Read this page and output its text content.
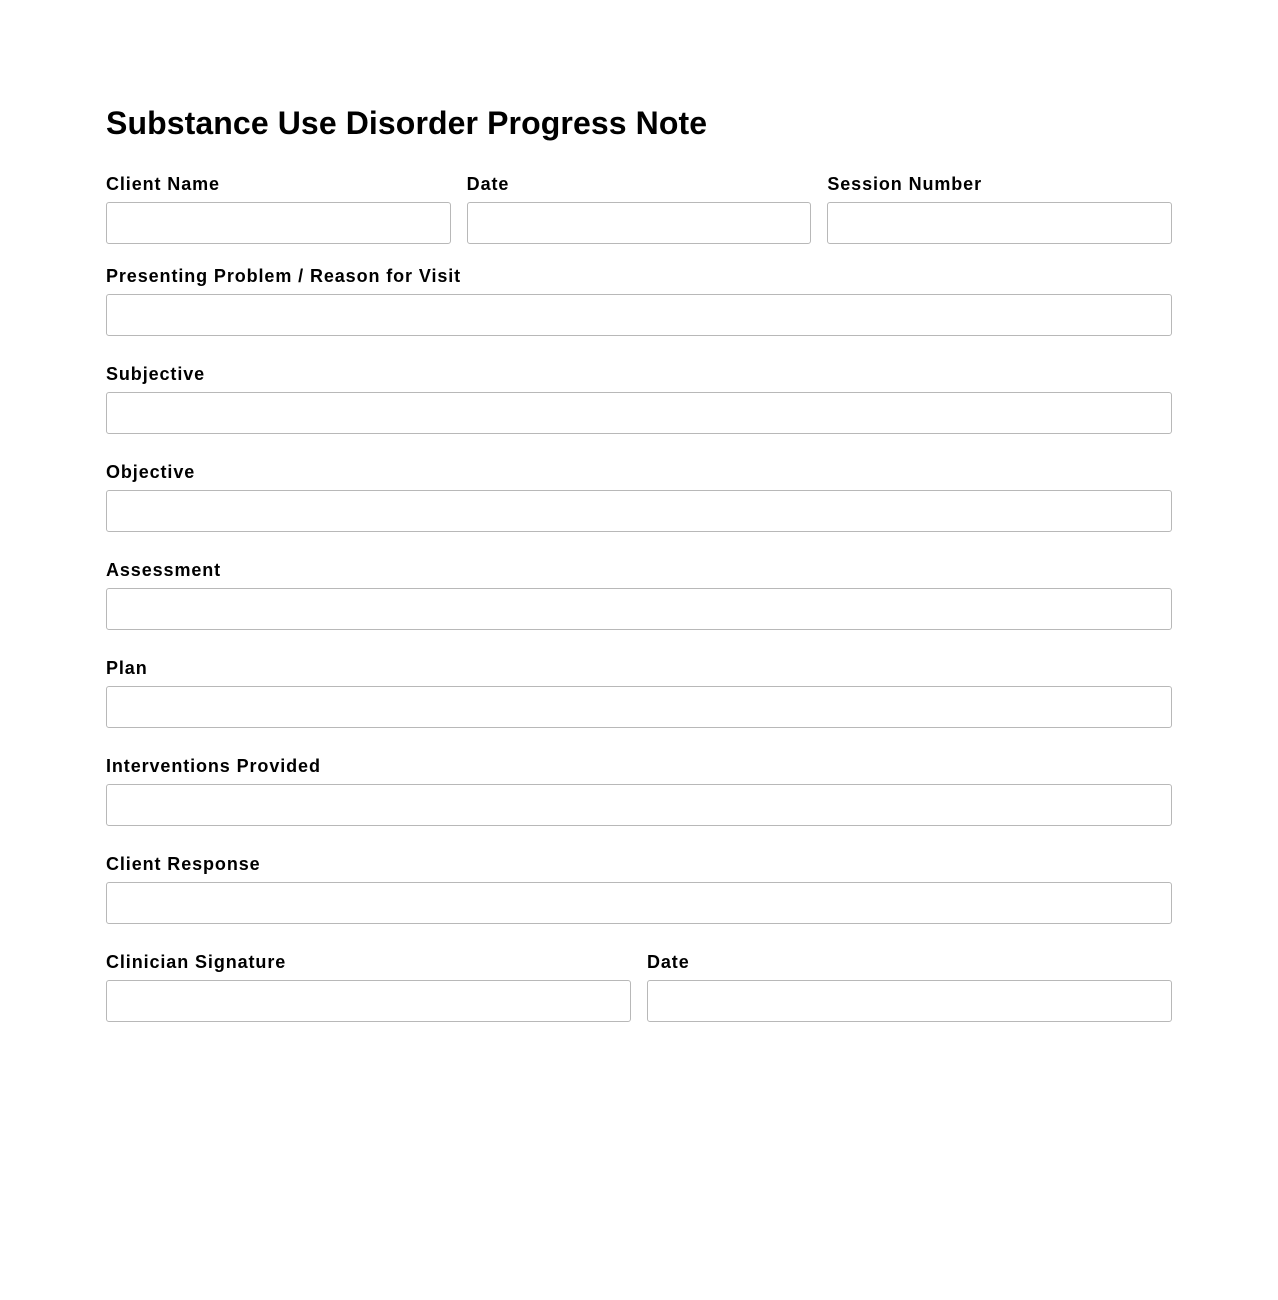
Substance Use Disorder Progress Note
Client Name	Date	Session Number
Presenting Problem / Reason for Visit
Subjective
Objective
Assessment
Plan
Interventions Provided
Client Response
Clinician Signature	Date
